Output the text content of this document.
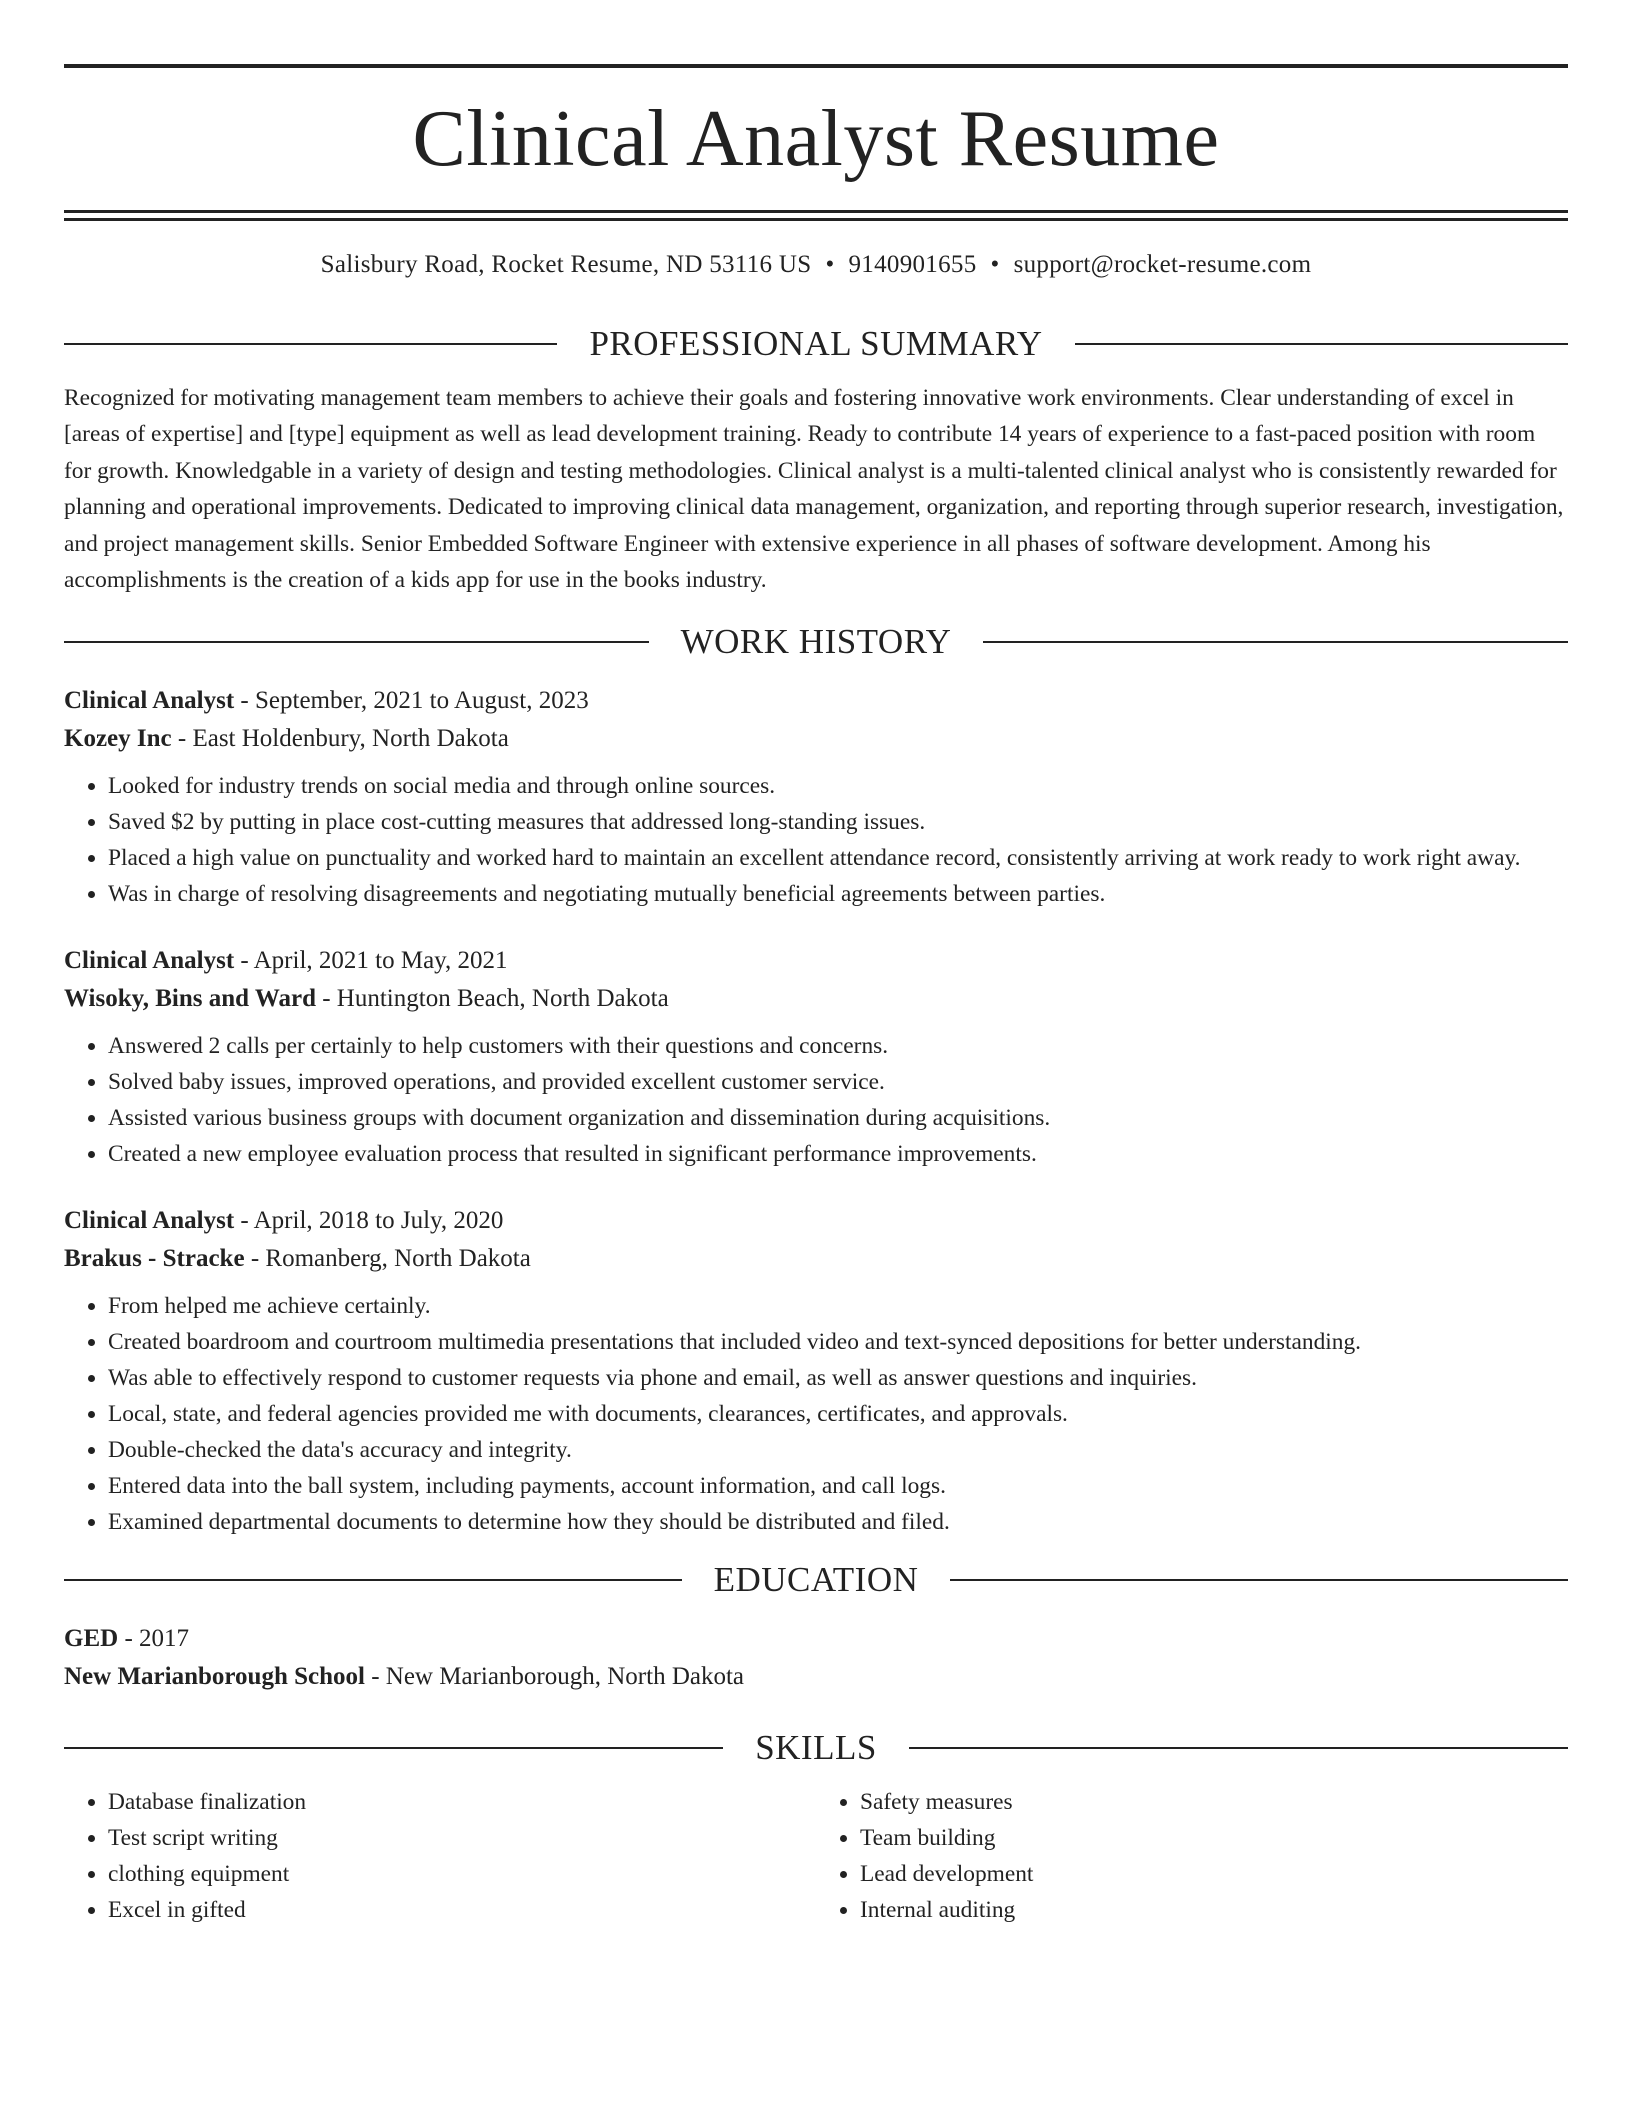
Clinical Analyst Resume
Salisbury Road, Rocket Resume, ND 53116 US • 9140901655 • support@rocket-resume.com
PROFESSIONAL SUMMARY

Recognized for motivating management team members to achieve their goals and fostering innovative work environments. Clear understanding of excel in [areas of expertise] and [type] equipment as well as lead development training. Ready to contribute 14 years of experience to a fast-paced position with room for growth. Knowledgable in a variety of design and testing methodologies. Clinical analyst is a multi-talented clinical analyst who is consistently rewarded for planning and operational improvements. Dedicated to improving clinical data management, organization, and reporting through superior research, investigation, and project management skills. Senior Embedded Software Engineer with extensive experience in all phases of software development. Among his accomplishments is the creation of a kids app for use in the books industry.

WORK HISTORY
Clinical Analyst - September, 2021 to August, 2023
Kozey Inc - East Holdenbury, North Dakota
• Looked for industry trends on social media and through online sources.
• Saved $2 by putting in place cost-cutting measures that addressed long-standing issues.
• Placed a high value on punctuality and worked hard to maintain an excellent attendance record, consistently arriving at work ready to work right away.
• Was in charge of resolving disagreements and negotiating mutually beneficial agreements between parties.
Clinical Analyst - April, 2021 to May, 2021
Wisoky, Bins and Ward - Huntington Beach, North Dakota
• Answered 2 calls per certainly to help customers with their questions and concerns.
• Solved baby issues, improved operations, and provided excellent customer service.
• Assisted various business groups with document organization and dissemination during acquisitions.
• Created a new employee evaluation process that resulted in significant performance improvements.
Clinical Analyst - April, 2018 to July, 2020
Brakus - Stracke - Romanberg, North Dakota
• From helped me achieve certainly.
• Created boardroom and courtroom multimedia presentations that included video and text-synced depositions for better understanding.
• Was able to effectively respond to customer requests via phone and email, as well as answer questions and inquiries.
• Local, state, and federal agencies provided me with documents, clearances, certificates, and approvals.
• Double-checked the data's accuracy and integrity.
• Entered data into the ball system, including payments, account information, and call logs.
• Examined departmental documents to determine how they should be distributed and filed.
EDUCATION
GED - 2017
New Marianborough School - New Marianborough, North Dakota
SKILLS
• Database finalization
• Test script writing
• clothing equipment
• Excel in gifted
• Safety measures
• Team building
• Lead development
• Internal auditing
